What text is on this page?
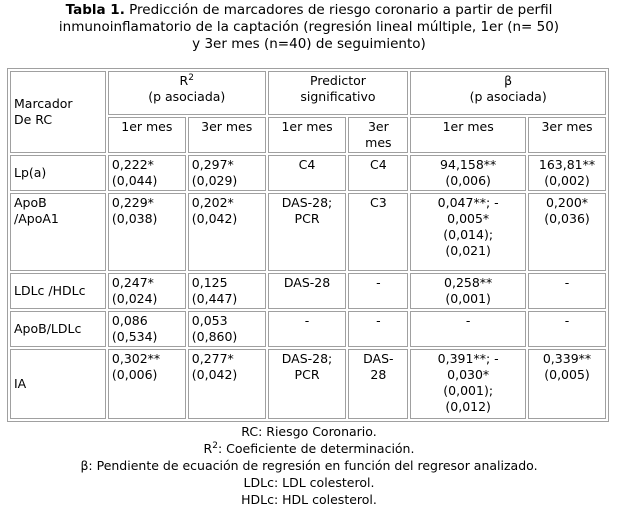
Tabla 1. Predicción de marcadores de riesgo coronario a partir de perfil
inmunoinflamatorio de la captación (regresión lineal múltiple, 1er (n= 50)
y 3er mes (n=40) de seguimiento)
Marcador
De RC	$R^2$
(p asociada)		Predictor
significativo		β
(p asociada)	

	1er mes	3er mes	1er mes	3er
mes	1er mes	3er mes

Lp(a)	0,222*
(0,044)	0,297*
(0,029)	C4	C4	94,158**
(0,006)	163,81**
(0,002)

ApoB
/ApoA1	0,229*
(0,038)	0,202*
(0,042)	DAS-28;
PCR	C3	0,047**; -
0,005*
(0,014);
(0,021)	0,200*
(0,036)

LDLc /HDLc	0,247*
(0,024)	0,125
(0,447)	DAS-28	-	0,258**
(0,001)	-

ApoB/LDLc	0,086
(0,534)	0,053
(0,860)	-	-	-	-

IA	0,302**
(0,006)	0,277*
(0,042)	DAS-28;
PCR	DAS-
28	0,391**; -
0,030*
(0,001);
(0,012)	0,339**
(0,005)
RC: Riesgo Coronario.
$R^2$: Coeficiente de determinación.
β: Pendiente de ecuación de regresión en función del regresor analizado.
LDLc: LDL colesterol.
HDLc: HDL colesterol.
